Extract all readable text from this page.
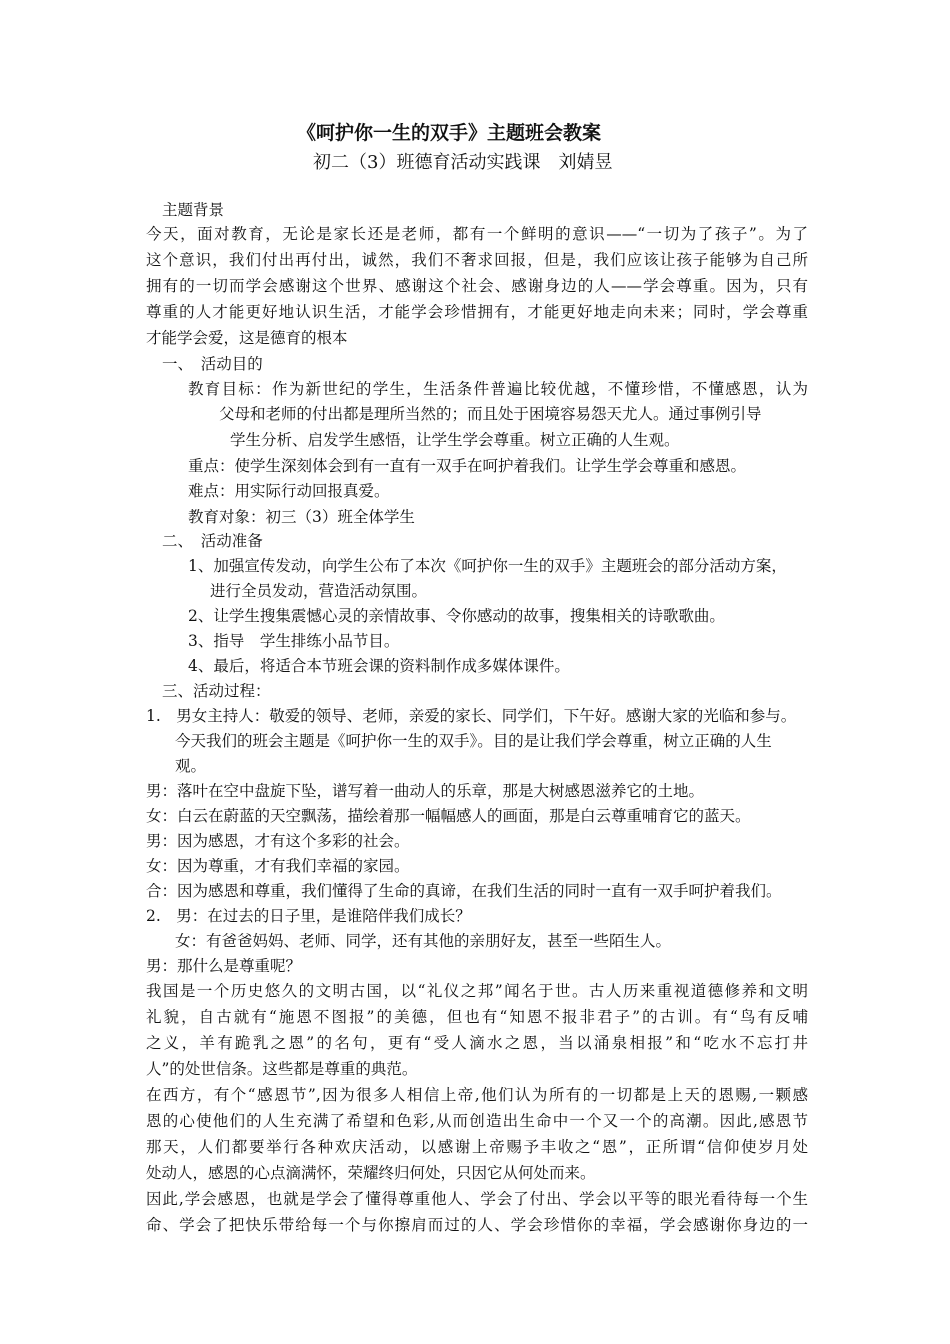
《呵护你一生的双手》主题班会教案
初二（3）班德育活动实践课　刘婧昱
主题背景
今天，面对教育，无论是家长还是老师，都有一个鲜明的意识——“一切为了孩子”。为了
这个意识，我们付出再付出，诚然，我们不奢求回报，但是，我们应该让孩子能够为自己所
拥有的一切而学会感谢这个世界、感谢这个社会、感谢身边的人——学会尊重。因为，只有
尊重的人才能更好地认识生活，才能学会珍惜拥有，才能更好地走向未来；同时，学会尊重
才能学会爱，这是德育的根本
一、　活动目的
教育目标：作为新世纪的学生，生活条件普遍比较优越，不懂珍惜，不懂感恩，认为
父母和老师的付出都是理所当然的；而且处于困境容易怨天尤人。通过事例引导
学生分析、启发学生感悟，让学生学会尊重。树立正确的人生观。
重点：使学生深刻体会到有一直有一双手在呵护着我们。让学生学会尊重和感恩。
难点：用实际行动回报真爱。
教育对象：初三（3）班全体学生
二、　活动准备
1、加强宣传发动，向学生公布了本次《呵护你一生的双手》主题班会的部分活动方案，
进行全员发动，营造活动氛围。
2、让学生搜集震憾心灵的亲情故事、令你感动的故事，搜集相关的诗歌歌曲。
3、指导　学生排练小品节目。
4、最后，将适合本节班会课的资料制作成多媒体课件。
三、活动过程：
1.　男女主持人：敬爱的领导、老师，亲爱的家长、同学们，下午好。感谢大家的光临和参与。
今天我们的班会主题是《呵护你一生的双手》。目的是让我们学会尊重，树立正确的人生
观。
男：落叶在空中盘旋下坠，谱写着一曲动人的乐章，那是大树感恩滋养它的土地。
女：白云在蔚蓝的天空飘荡，描绘着那一幅幅感人的画面，那是白云尊重哺育它的蓝天。
男：因为感恩，才有这个多彩的社会。
女：因为尊重，才有我们幸福的家园。
合：因为感恩和尊重，我们懂得了生命的真谛，在我们生活的同时一直有一双手呵护着我们。
2.　男：在过去的日子里，是谁陪伴我们成长？
女：有爸爸妈妈、老师、同学，还有其他的亲朋好友，甚至一些陌生人。
男：那什么是尊重呢？
我国是一个历史悠久的文明古国，以“礼仪之邦”闻名于世。古人历来重视道德修养和文明
礼貌，自古就有“施恩不图报”的美德，但也有“知恩不报非君子”的古训。有“鸟有反哺
之义，羊有跪乳之恩”的名句，更有“受人滴水之恩，当以涌泉相报”和“吃水不忘打井
人”的处世信条。这些都是尊重的典范。
在西方，有个“感恩节”,因为很多人相信上帝,他们认为所有的一切都是上天的恩赐,一颗感
恩的心使他们的人生充满了希望和色彩,从而创造出生命中一个又一个的高潮。因此,感恩节
那天，人们都要举行各种欢庆活动，以感谢上帝赐予丰收之“恩”，正所谓“信仰使岁月处
处动人，感恩的心点滴满怀，荣耀终归何处，只因它从何处而来。
因此,学会感恩，也就是学会了懂得尊重他人、学会了付出、学会以平等的眼光看待每一个生
命、学会了把快乐带给每一个与你擦肩而过的人、学会珍惜你的幸福，学会感谢你身边的一
